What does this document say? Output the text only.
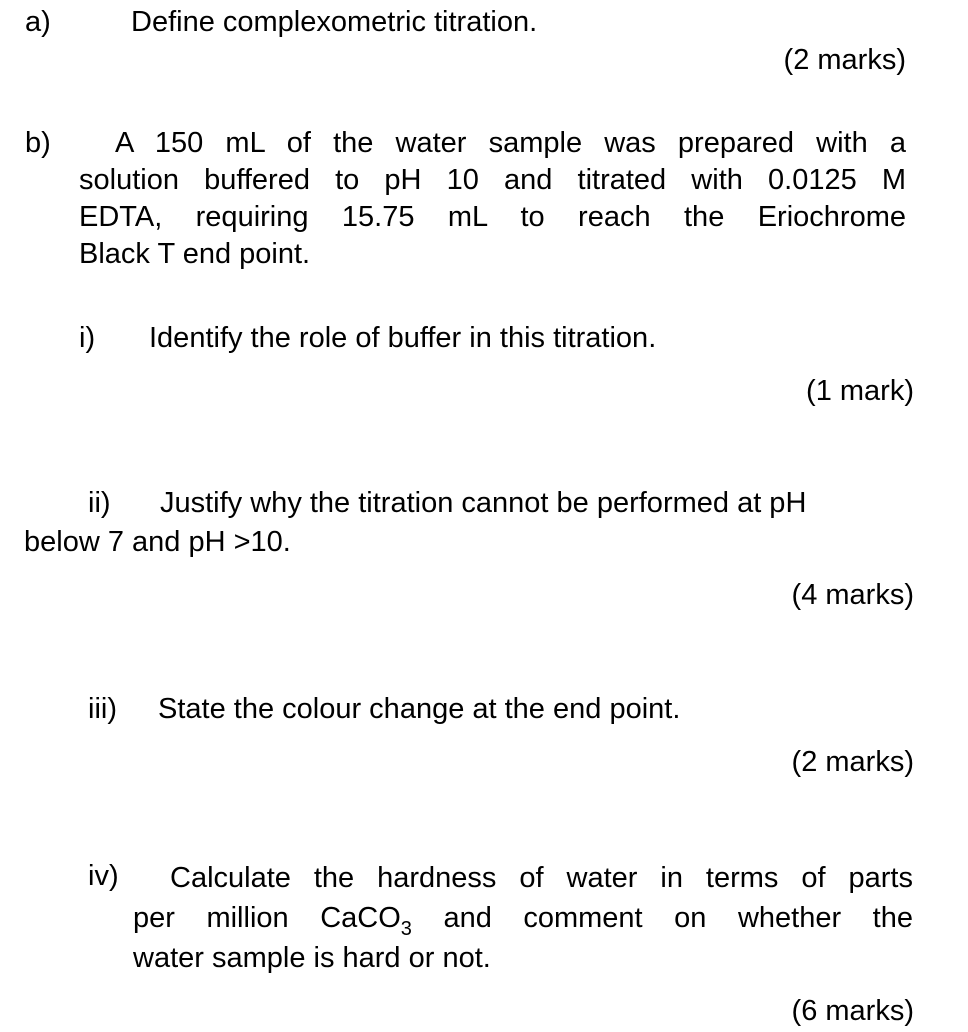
a)	Define complexometric titration.
(2 marks)
b)	A 150 mL of the water sample was prepared with a
solution buffered to pH 10 and titrated with 0.0125 M
EDTA, requiring 15.75 mL to reach the Eriochrome
Black T end point.
i) Identify the role of buffer in this titration.
(1 mark)
ii) Justify why the titration cannot be performed at pH
below 7 and pH >10.
(4 marks)
iii) State the colour change at the end point.
(2 marks)
iv)	Calculate the hardness of water in terms of parts
per million CaCO$_3$ and comment on whether the
water sample is hard or not.
(6 marks)
